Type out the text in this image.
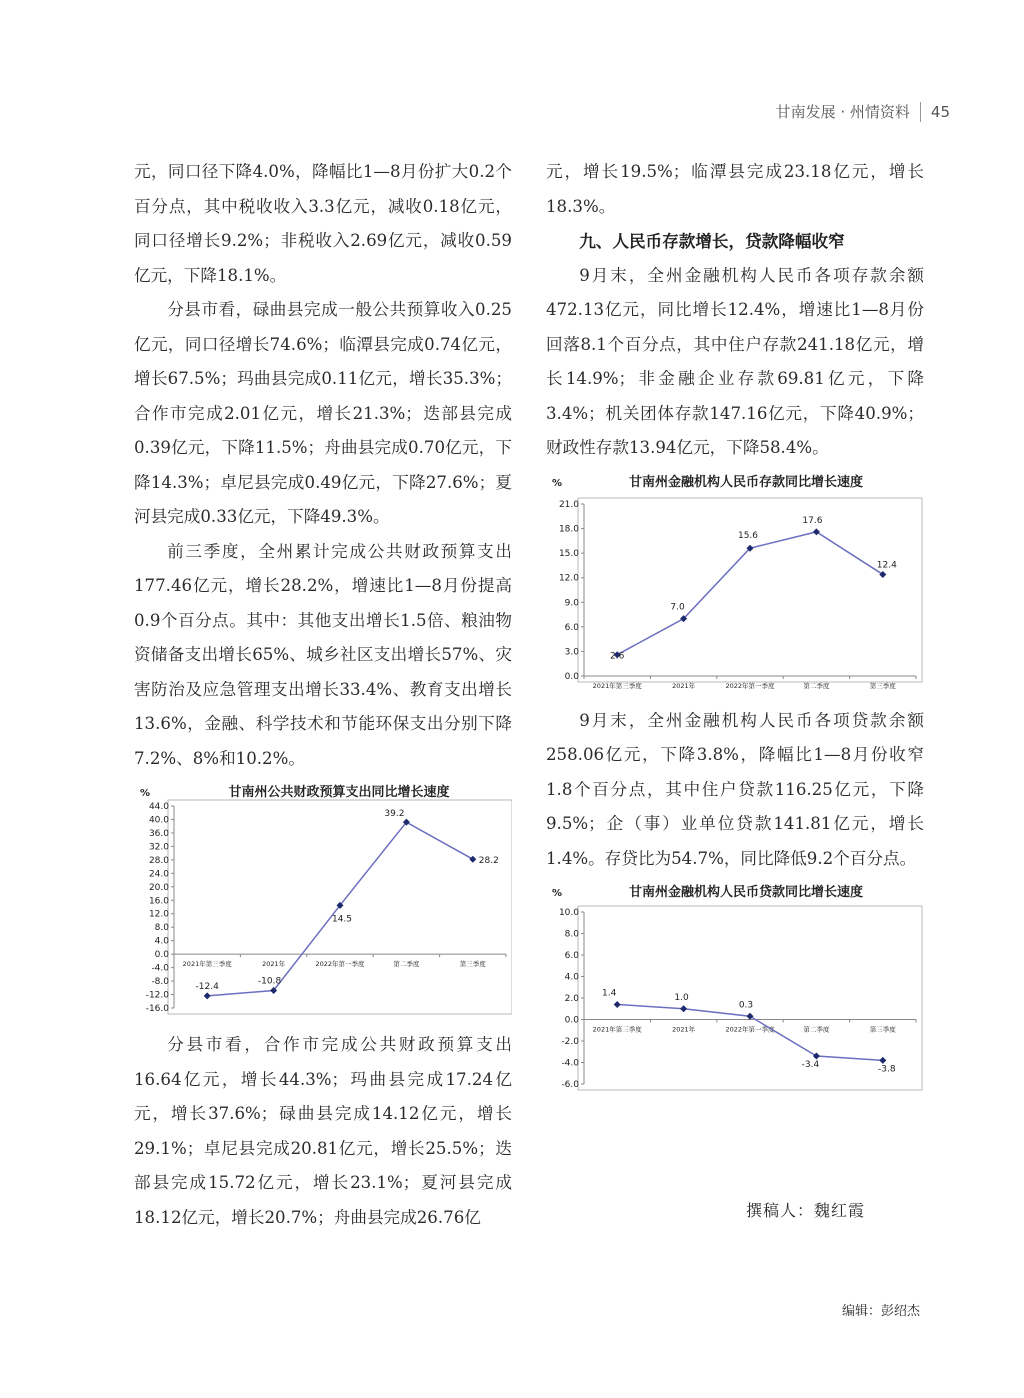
甘南发展 · 州情资料 45

元，同口径下降4.0%，降幅比1—8月份扩大0.2个百分点，其中税收收入3.3亿元，减收0.18亿元，同口径增长9.2%；非税收入2.69亿元，减收0.59亿元，下降18.1%。

分县市看，碌曲县完成一般公共预算收入0.25亿元，同口径增长74.6%；临潭县完成0.74亿元，增长67.5%；玛曲县完成0.11亿元，增长35.3%；合作市完成2.01亿元，增长21.3%；迭部县完成0.39亿元，下降11.5%；舟曲县完成0.70亿元，下降14.3%；卓尼县完成0.49亿元，下降27.6%；夏河县完成0.33亿元，下降49.3%。

前三季度，全州累计完成公共财政预算支出177.46亿元，增长28.2%，增速比1—8月份提高0.9个百分点。其中：其他支出增长1.5倍、粮油物资储备支出增长65%、城乡社区支出增长57%、灾害防治及应急管理支出增长33.4%、教育支出增长13.6%，金融、科学技术和节能环保支出分别下降7.2%、8%和10.2%。

%	甘南州公共财政预算支出同比增长速度
44.0
40.0
36.0
32.0
28.0
24.0
20.0
16.0
12.0
8.0
4.0
0.0
-4.0
-8.0
-12.0
-16.0
2021年第三季度	2021年	2022年第一季度	第二季度	第三季度
-12.4
-10.8
14.5
39.2
28.2

分县市看，合作市完成公共财政预算支出16.64亿元，增长44.3%；玛曲县完成17.24亿元，增长37.6%；碌曲县完成14.12亿元，增长29.1%；卓尼县完成20.81亿元，增长25.5%；迭部县完成15.72亿元，增长23.1%；夏河县完成18.12亿元，增长20.7%；舟曲县完成26.76亿

元，增长19.5%；临潭县完成23.18亿元，增长18.3%。

九、人民币存款增长，贷款降幅收窄

9月末，全州金融机构人民币各项存款余额472.13亿元，同比增长12.4%，增速比1—8月份回落8.1个百分点，其中住户存款241.18亿元，增长14.9%；非金融企业存款69.81亿元，下降3.4%；机关团体存款147.16亿元，下降40.9%；财政性存款13.94亿元，下降58.4%。

%	甘南州金融机构人民币存款同比增长速度
21.0
18.0
15.0
12.0
9.0
6.0
3.0
0.0
2021年第三季度	2021年	2022年第一季度	第二季度	第三季度
2.6
7.0
15.6
17.6
12.4

9月末，全州金融机构人民币各项贷款余额258.06亿元，下降3.8%，降幅比1—8月份收窄1.8个百分点，其中住户贷款116.25亿元，下降9.5%；企（事）业单位贷款141.81亿元，增长1.4%。存贷比为54.7%，同比降低9.2个百分点。

%	甘南州金融机构人民币贷款同比增长速度
10.0
8.0
6.0
4.0
2.0
0.0
-2.0
-4.0
-6.0
2021年第三季度	2021年	2022年第一季度	第二季度	第三季度
1.4	1.0
0.3
-3.4	-3.8
撰稿人：魏红霞
编辑：彭绍杰
